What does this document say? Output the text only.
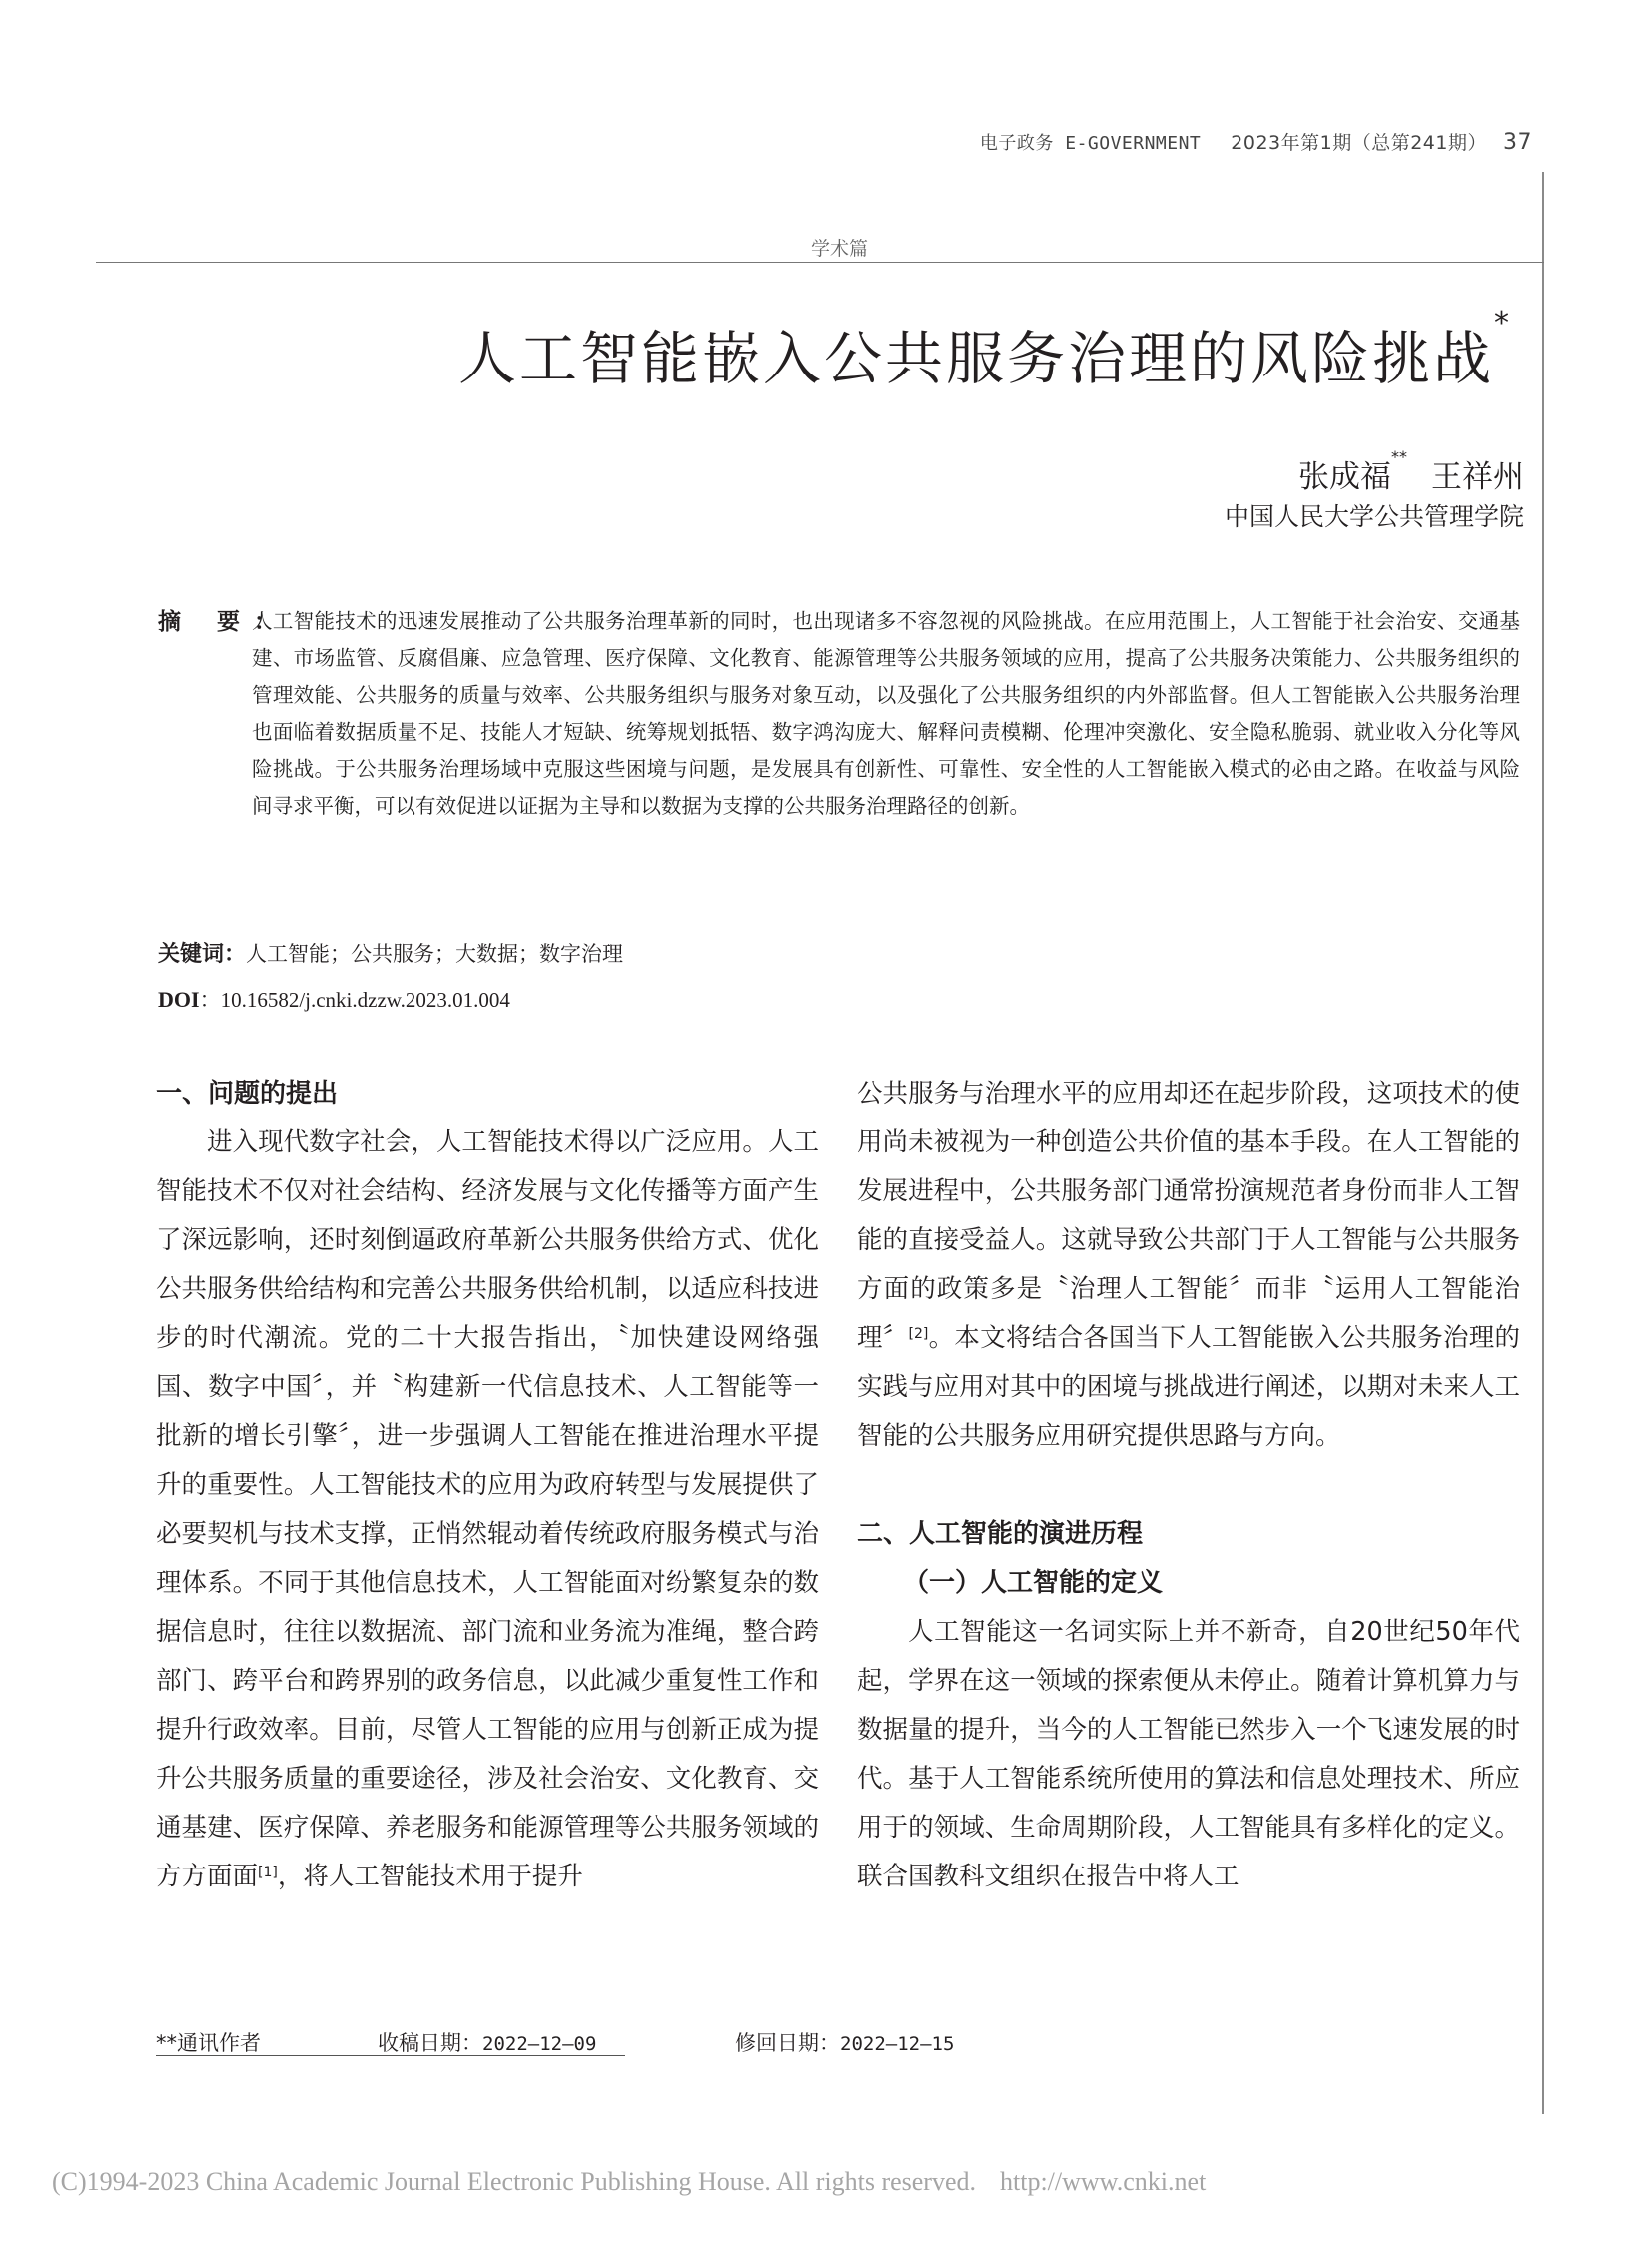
电子政务 E-GOVERNMENT 2023年第1期（总第241期） 37
学术篇
人工智能嵌入公共服务治理的风险挑战*
张成福**王祥州
中国人民大学公共管理学院
摘 要：
人工智能技术的迅速发展推动了公共服务治理革新的同时，也出现诸多不容忽视的风险挑战。在应用范围上，人工智能于社会治安、交通基建、市场监管、反腐倡廉、应急管理、医疗保障、文化教育、能源管理等公共服务领域的应用，提高了公共服务决策能力、公共服务组织的管理效能、公共服务的质量与效率、公共服务组织与服务对象互动，以及强化了公共服务组织的内外部监督。但人工智能嵌入公共服务治理也面临着数据质量不足、技能人才短缺、统筹规划抵牾、数字鸿沟庞大、解释问责模糊、伦理冲突激化、安全隐私脆弱、就业收入分化等风险挑战。于公共服务治理场域中克服这些困境与问题，是发展具有创新性、可靠性、安全性的人工智能嵌入模式的必由之路。在收益与风险间寻求平衡，可以有效促进以证据为主导和以数据为支撑的公共服务治理路径的创新。
关键词：人工智能；公共服务；大数据；数字治理
DOI：10.16582/j.cnki.dzzw.2023.01.004

一、问题的提出

进入现代数字社会，人工智能技术得以广泛应用。人工智能技术不仅对社会结构、经济发展与文化传播等方面产生了深远影响，还时刻倒逼政府革新公共服务供给方式、优化公共服务供给结构和完善公共服务供给机制，以适应科技进步的时代潮流。党的二十大报告指出，〝加快建设网络强国、数字中国〞，并〝构建新一代信息技术、人工智能等一批新的增长引擎〞，进一步强调人工智能在推进治理水平提升的重要性。人工智能技术的应用为政府转型与发展提供了必要契机与技术支撑，正悄然辊动着传统政府服务模式与治理体系。不同于其他信息技术，人工智能面对纷繁复杂的数据信息时，往往以数据流、部门流和业务流为准绳，整合跨部门、跨平台和跨界别的政务信息，以此减少重复性工作和提升行政效率。目前，尽管人工智能的应用与创新正成为提升公共服务质量的重要途径，涉及社会治安、文化教育、交通基建、医疗保障、养老服务和能源管理等公共服务领域的方方面面[1]，将人工智能技术用于提升

公共服务与治理水平的应用却还在起步阶段，这项技术的使用尚未被视为一种创造公共价值的基本手段。在人工智能的发展进程中，公共服务部门通常扮演规范者身份而非人工智能的直接受益人。这就导致公共部门于人工智能与公共服务方面的政策多是〝治理人工智能〞而非〝运用人工智能治理〞[2]。本文将结合各国当下人工智能嵌入公共服务治理的实践与应用对其中的困境与挑战进行阐述，以期对未来人工智能的公共服务应用研究提供思路与方向。

二、人工智能的演进历程

（一）人工智能的定义

人工智能这一名词实际上并不新奇，自20世纪50年代起，学界在这一领域的探索便从未停止。随着计算机算力与数据量的提升，当今的人工智能已然步入一个飞速发展的时代。基于人工智能系统所使用的算法和信息处理技术、所应用于的领域、生命周期阶段，人工智能具有多样化的定义。联合国教科文组织在报告中将人工

**通讯作者	收稿日期：2022—12—09	修回日期：2022—12—15
(C)1994-2023 China Academic Journal Electronic Publishing House. All rights reserved. http://www.cnki.net
